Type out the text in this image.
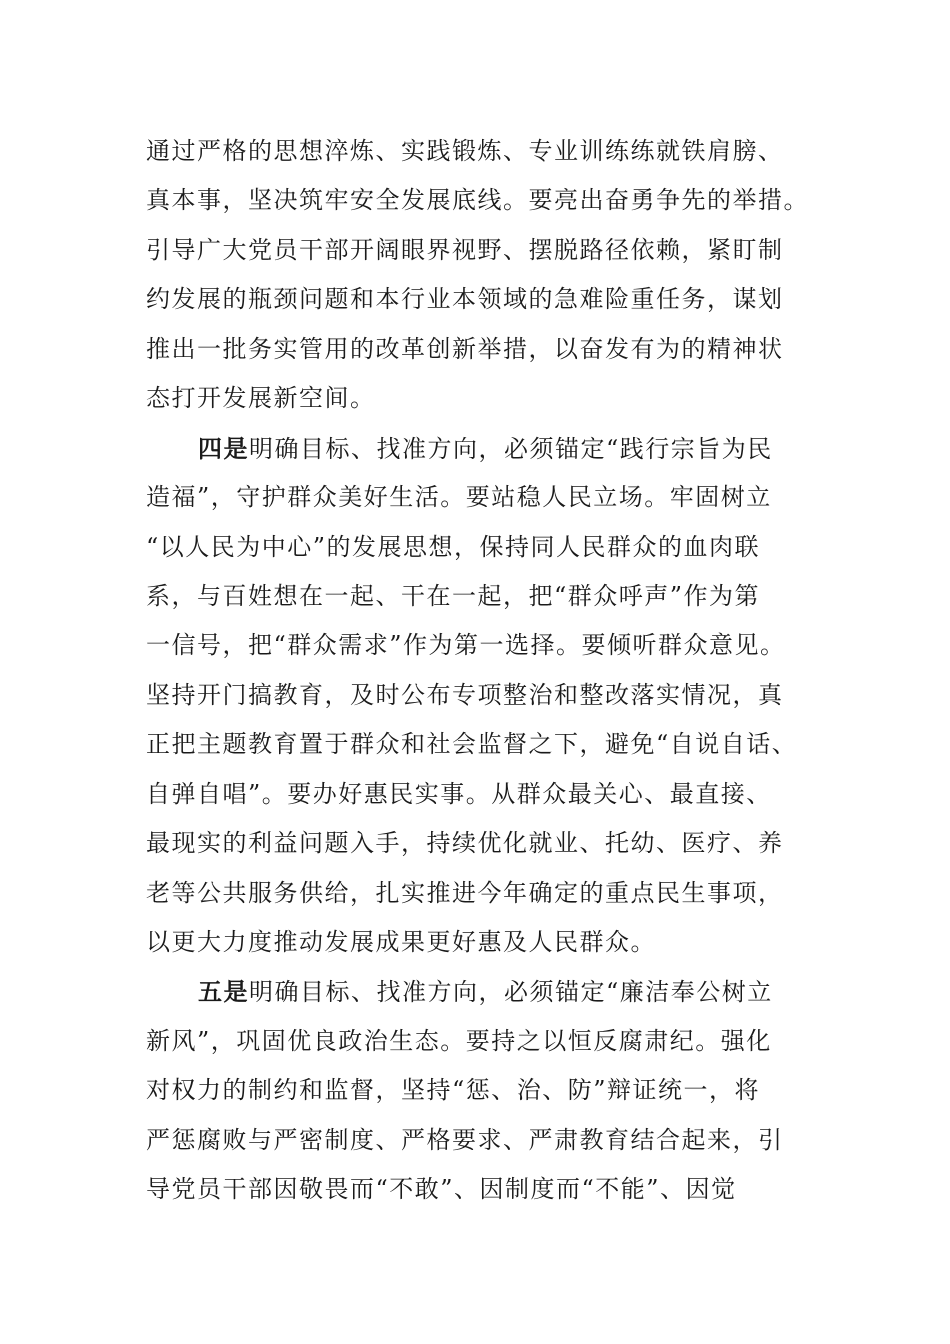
通过严格的思想淬炼、实践锻炼、专业训练练就铁肩膀、
真本事，坚决筑牢安全发展底线。要亮出奋勇争先的举措。
引导广大党员干部开阔眼界视野、摆脱路径依赖，紧盯制
约发展的瓶颈问题和本行业本领域的急难险重任务，谋划
推出一批务实管用的改革创新举措，以奋发有为的精神状
态打开发展新空间。
四是明确目标、找准方向，必须锚定“践行宗旨为民
造福”，守护群众美好生活。要站稳人民立场。牢固树立
“以人民为中心”的发展思想，保持同人民群众的血肉联
系，与百姓想在一起、干在一起，把“群众呼声”作为第
一信号，把“群众需求”作为第一选择。要倾听群众意见。
坚持开门搞教育，及时公布专项整治和整改落实情况，真
正把主题教育置于群众和社会监督之下，避免“自说自话、
自弹自唱”。要办好惠民实事。从群众最关心、最直接、
最现实的利益问题入手，持续优化就业、托幼、医疗、养
老等公共服务供给，扎实推进今年确定的重点民生事项，
以更大力度推动发展成果更好惠及人民群众。
五是明确目标、找准方向，必须锚定“廉洁奉公树立
新风”，巩固优良政治生态。要持之以恒反腐肃纪。强化
对权力的制约和监督，坚持“惩、治、防”辩证统一，将
严惩腐败与严密制度、严格要求、严肃教育结合起来，引
导党员干部因敬畏而“不敢”、因制度而“不能”、因觉
